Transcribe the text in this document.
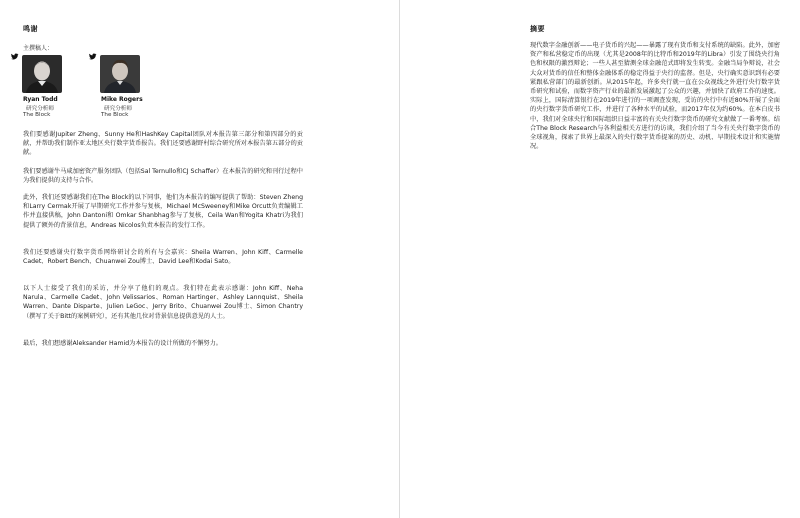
鸣谢
主撰稿人：
Ryan Todd
研究分析师
The Block
Mike Rogers
研究分析师
The Block

我们要感谢Jupiter Zheng、Sunny He和HashKey Capital团队对本报告第三部分和第四部分的贡献，并帮助我们制作亚太地区央行数字货币报告。我们还要感谢野村综合研究所对本报告第五部分的贡献。

我们要感谢牛马咸加密资产服务团队（包括Sal Ternullo和CJ Schaffer）在本报告的研究和刊行过程中为我们提供的支持与合作。

此外，我们还要感谢我们在The Block的以下同事，他们为本报告的编写提供了帮助：Steven Zheng和Larry Cermak开展了早期研究工作并参与复核，Michael McSweeney和Mike Orcutt负责编辑工作并直接供稿，John Dantoni和 Omkar Shanbhag参与了复核，Ceila Wan和Yogita Khatri为我们提供了额外的背景信息，Andreas Nicolos负责本报告的发行工作。

我们还要感谢央行数字货币网络研讨会的所有与会嘉宾：Sheila Warren、John Kiff、Carmelle Cadet、Robert Bench、Chuanwei Zou博士、David Lee和Kodai Sato。

以下人士接受了我们的采访，并分享了他们的观点。我们特在此表示感谢：John Kiff、Neha Narula、Carmelle Cadet、John Velissarios、Roman Hartinger、Ashley Lannquist、Sheila Warren、Dante Disparte、Julien LeGoc、Jerry Brito、Chuanwei Zou博士、Simon Chantry（撰写了关于Bitt的案例研究），还有其他几位对背景信息提供意见的人士。

最后，我们想感谢Aleksander Hamid为本报告的设计所做的不懈努力。

摘要

现代数字金融创新——电子货币的兴起——暴露了现有货币和支付系统的缺陷。此外，加密资产和私营稳定币的出现（尤其是2008年的比特币和2019年的Libra）引发了围绕央行角色和权限的激烈辩论；一些人甚至猜测全球金融范式即将发生转变。金融当局争辩说，社会大众对货币的信任和整体金融体系的稳定得益于央行的监督。但是，央行确实意识到有必要紧跟私营部门的最新创新。从2015年起，许多央行就一直在公众视线之外进行央行数字货币研究和试验，而数字资产行业的最新发展激起了公众的兴趣，并加快了政府工作的速度。实际上，国际清算银行在2019年进行的一项调查发现，受访的央行中有近80%开展了全面的央行数字货币研究工作，并进行了各种水平的试验，而2017年仅为约60%。在本白皮书中，我们对全球央行和国际组织日益丰富的有关央行数字货币的研究文献做了一番考察。结合The Block Research与各利益相关方进行的访谈，我们介绍了当今有关央行数字货币的全球视角，探索了世界上最深入的央行数字货币提案的历史、动机、早期技术设计和实施情况。
